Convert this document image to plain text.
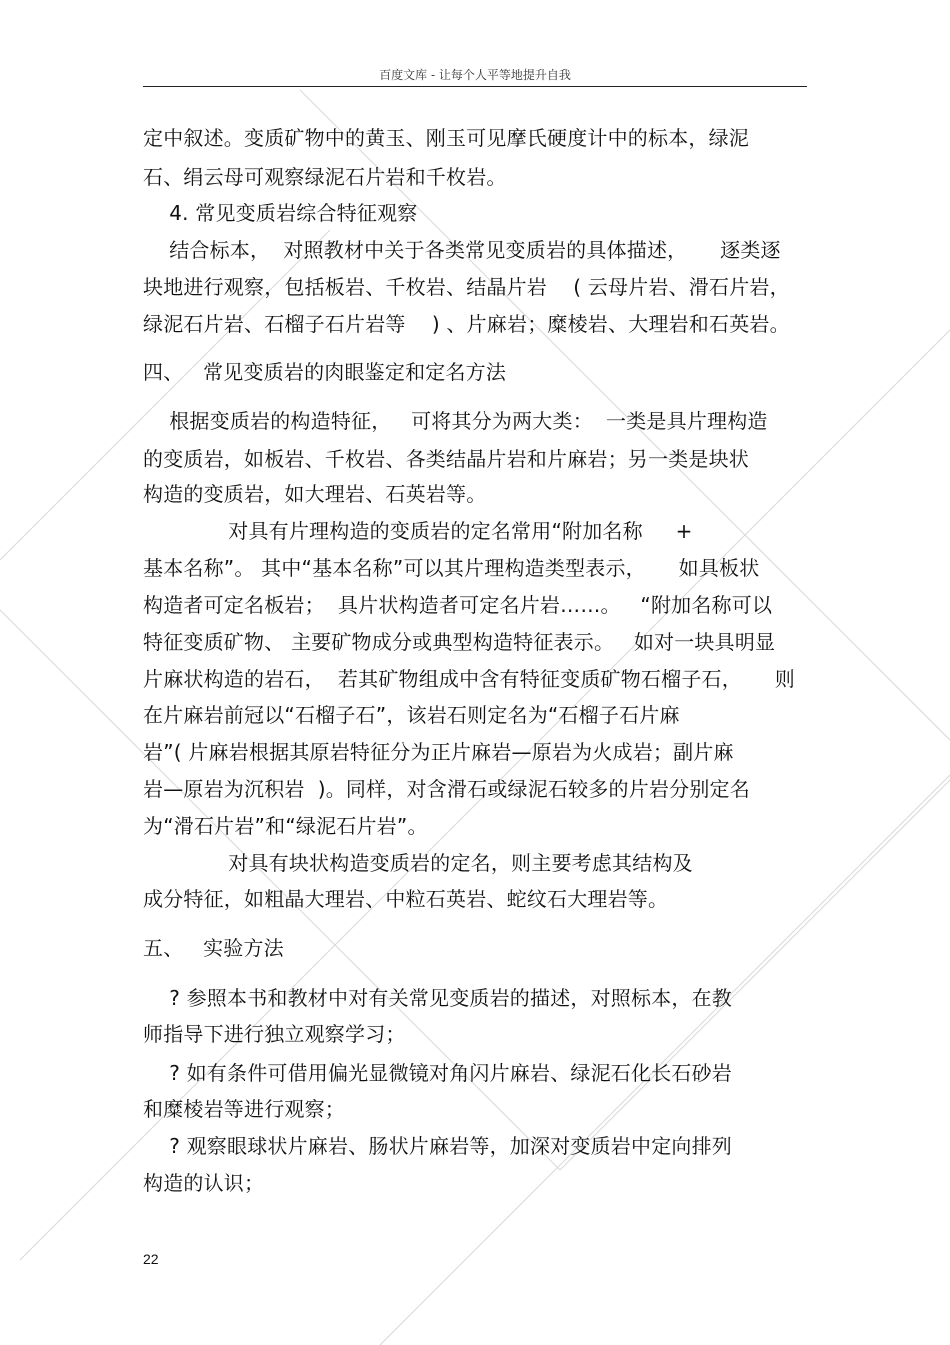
百度文库 - 让每个人平等地提升自我
定中叙述。变质矿物中的黄玉、刚玉可见摩氏硬度计中的标本，绿泥
石、绢云母可观察绿泥石片岩和千枚岩。
4. 常见变质岩综合特征观察
结合标本，  对照教材中关于各类常见变质岩的具体描述，     逐类逐
块地进行观察，包括板岩、千枚岩、结晶片岩    ( 云母片岩、滑石片岩，
绿泥石片岩、石榴子石片岩等    ) 、片麻岩；糜棱岩、大理岩和石英岩。
四、   常见变质岩的肉眼鉴定和定名方法
根据变质岩的构造特征，   可将其分为两大类：  一类是具片理构造
的变质岩，如板岩、千枚岩、各类结晶片岩和片麻岩；另一类是块状
构造的变质岩，如大理岩、石英岩等。
对具有片理构造的变质岩的定名常用“附加名称     +
基本名称”。 其中“基本名称”可以其片理构造类型表示，     如具板状
构造者可定名板岩；  具片状构造者可定名片岩……。   “附加名称可以
特征变质矿物、 主要矿物成分或典型构造特征表示。   如对一块具明显
片麻状构造的岩石，  若其矿物组成中含有特征变质矿物石榴子石，     则
在片麻岩前冠以“石榴子石”，该岩石则定名为“石榴子石片麻
岩”( 片麻岩根据其原岩特征分为正片麻岩—原岩为火成岩；副片麻
岩—原岩为沉积岩  )。同样，对含滑石或绿泥石较多的片岩分别定名
为“滑石片岩”和“绿泥石片岩”。
对具有块状构造变质岩的定名，则主要考虑其结构及
成分特征，如粗晶大理岩、中粒石英岩、蛇纹石大理岩等。
五、   实验方法
? 参照本书和教材中对有关常见变质岩的描述，对照标本，在教
师指导下进行独立观察学习；
? 如有条件可借用偏光显微镜对角闪片麻岩、绿泥石化长石砂岩
和糜棱岩等进行观察；
? 观察眼球状片麻岩、肠状片麻岩等，加深对变质岩中定向排列
构造的认识；
22
